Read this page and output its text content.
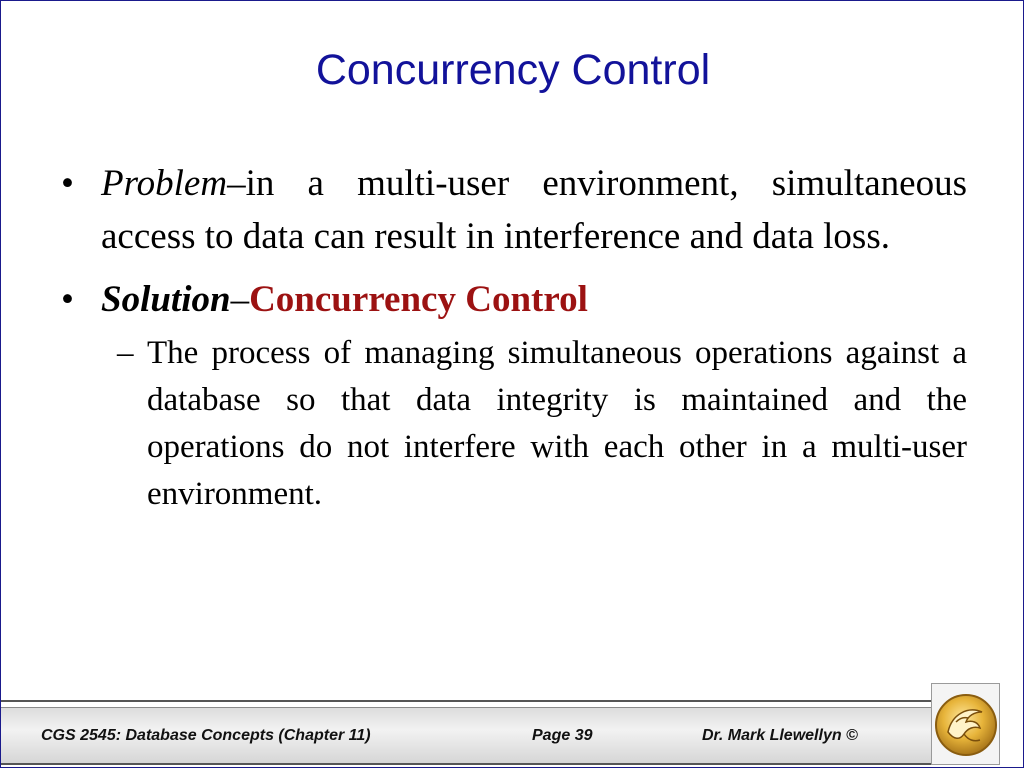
Concurrency Control
• Problem–in a multi-user environment, simultaneous access to data can result in interference and data loss.
• Solution–Concurrency Control
– The process of managing simultaneous operations against a database so that data integrity is maintained and the operations do not interfere with each other in a multi-user environment.
CGS 2545: Database Concepts (Chapter 11)	Page 39	Dr. Mark Llewellyn ©
